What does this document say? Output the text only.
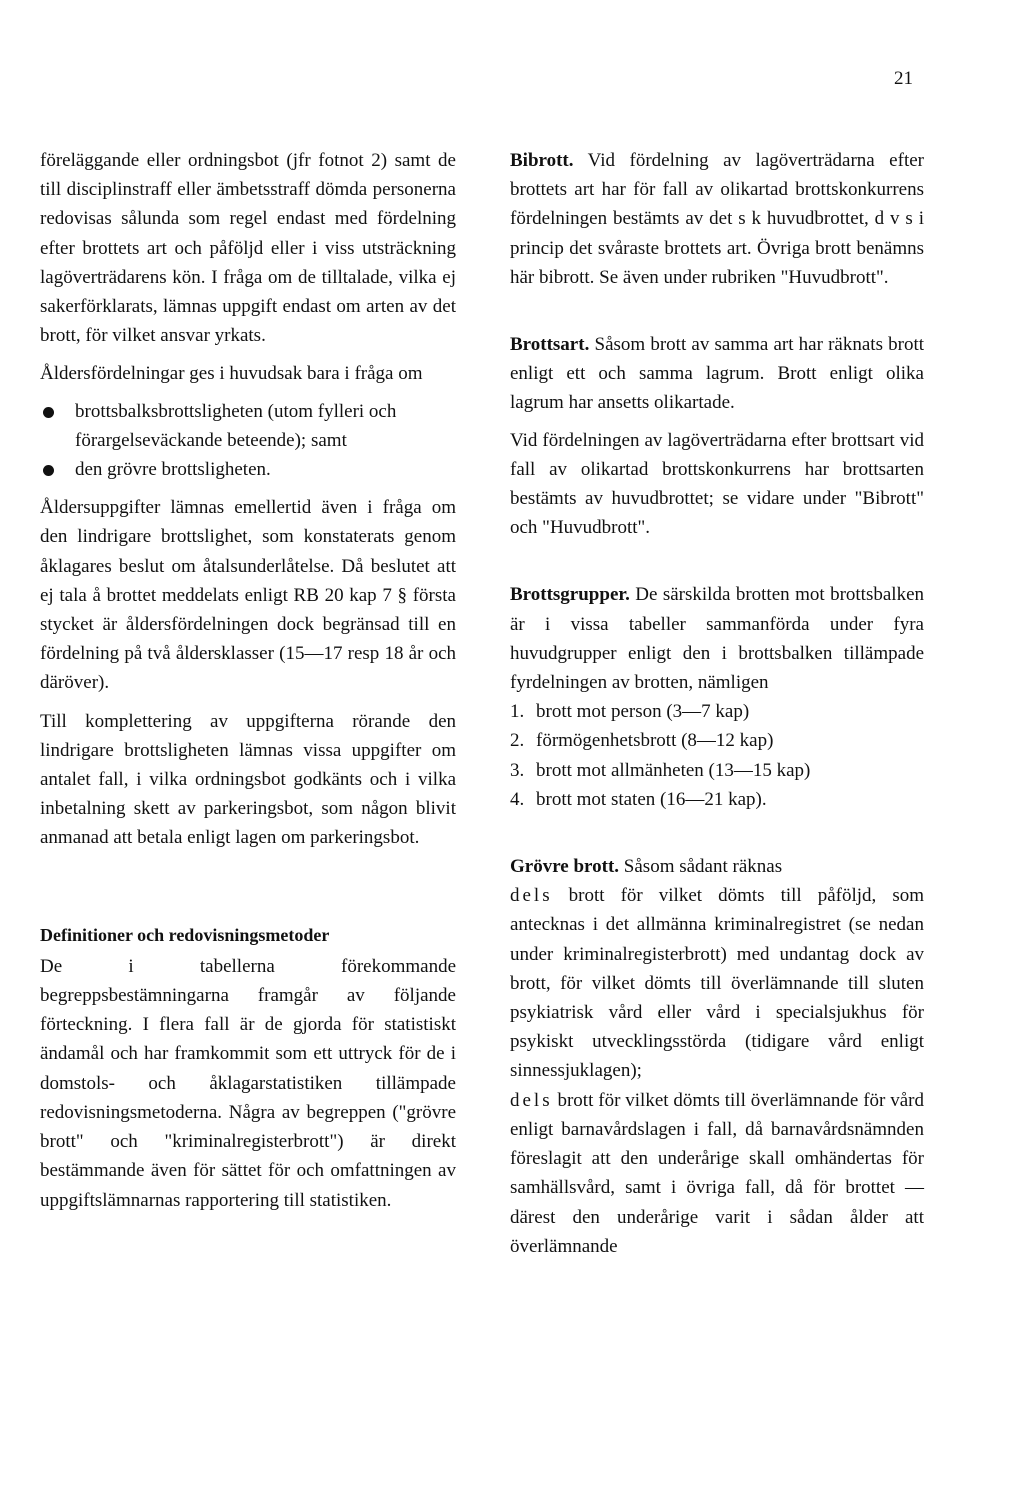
21

föreläggande eller ordningsbot (jfr fotnot 2) samt de till disciplinstraff eller ämbetsstraff dömda personerna redovisas sålunda som regel endast med fördelning efter brottets art och påföljd eller i viss utsträckning lagöverträdarens kön. I fråga om de tilltalade, vilka ej sakerförklarats, lämnas uppgift endast om arten av det brott, för vilket ansvar yrkats.

Åldersfördelningar ges i huvudsak bara i fråga om

brottsbalksbrottsligheten (utom fylleri och förargelseväckande beteende); samt
den grövre brottsligheten.

Åldersuppgifter lämnas emellertid även i fråga om den lindrigare brottslighet, som konstaterats genom åklagares beslut om åtalsunderlåtelse. Då beslutet att ej tala å brottet meddelats enligt RB 20 kap 7 § första stycket är åldersfördelningen dock begränsad till en fördelning på två åldersklasser (15—17 resp 18 år och däröver).

Till komplettering av uppgifterna rörande den lindrigare brottsligheten lämnas vissa uppgifter om antalet fall, i vilka ordningsbot godkänts och i vilka inbetalning skett av parkeringsbot, som någon blivit anmanad att betala enligt lagen om parkeringsbot.

Definitioner och redovisningsmetoder

De i tabellerna förekommande begreppsbestämningarna framgår av följande förteckning. I flera fall är de gjorda för statistiskt ändamål och har framkommit som ett uttryck för de i domstols- och åklagarstatistiken tillämpade redovisningsmetoderna. Några av begreppen ("grövre brott" och "kriminalregisterbrott") är direkt bestämmande även för sättet för och omfattningen av uppgiftslämnarnas rapportering till statistiken.

Bibrott. Vid fördelning av lagöverträdarna efter brottets art har för fall av olikartad brottskonkurrens fördelningen bestämts av det s k huvudbrottet, d v s i princip det svåraste brottets art. Övriga brott benämns här bibrott. Se även under rubriken "Huvudbrott".

Brottsart. Såsom brott av samma art har räknats brott enligt ett och samma lagrum. Brott enligt olika lagrum har ansetts olikartade.

Vid fördelningen av lagöverträdarna efter brottsart vid fall av olikartad brottskonkurrens har brottsarten bestämts av huvudbrottet; se vidare under "Bibrott" och "Huvudbrott".

Brottsgrupper. De särskilda brotten mot brottsbalken är i vissa tabeller sammanförda under fyra huvudgrupper enligt den i brottsbalken tillämpade fyrdelningen av brotten, nämligen

1. brott mot person (3—7 kap)
2. förmögenhetsbrott (8—12 kap)
3. brott mot allmänheten (13—15 kap)
4. brott mot staten (16—21 kap).

Grövre brott. Såsom sådant räknas

dels brott för vilket dömts till påföljd, som antecknas i det allmänna kriminalregistret (se nedan under kriminalregisterbrott) med undantag dock av brott, för vilket dömts till överlämnande till sluten psykiatrisk vård eller vård i specialsjukhus för psykiskt utvecklingsstörda (tidigare vård enligt sinnessjuklagen);

dels brott för vilket dömts till överlämnande för vård enligt barnavårdslagen i fall, då barnavårdsnämnden föreslagit att den underårige skall omhändertas för samhällsvård, samt i övriga fall, då för brottet — därest den underårige varit i sådan ålder att överlämnande
